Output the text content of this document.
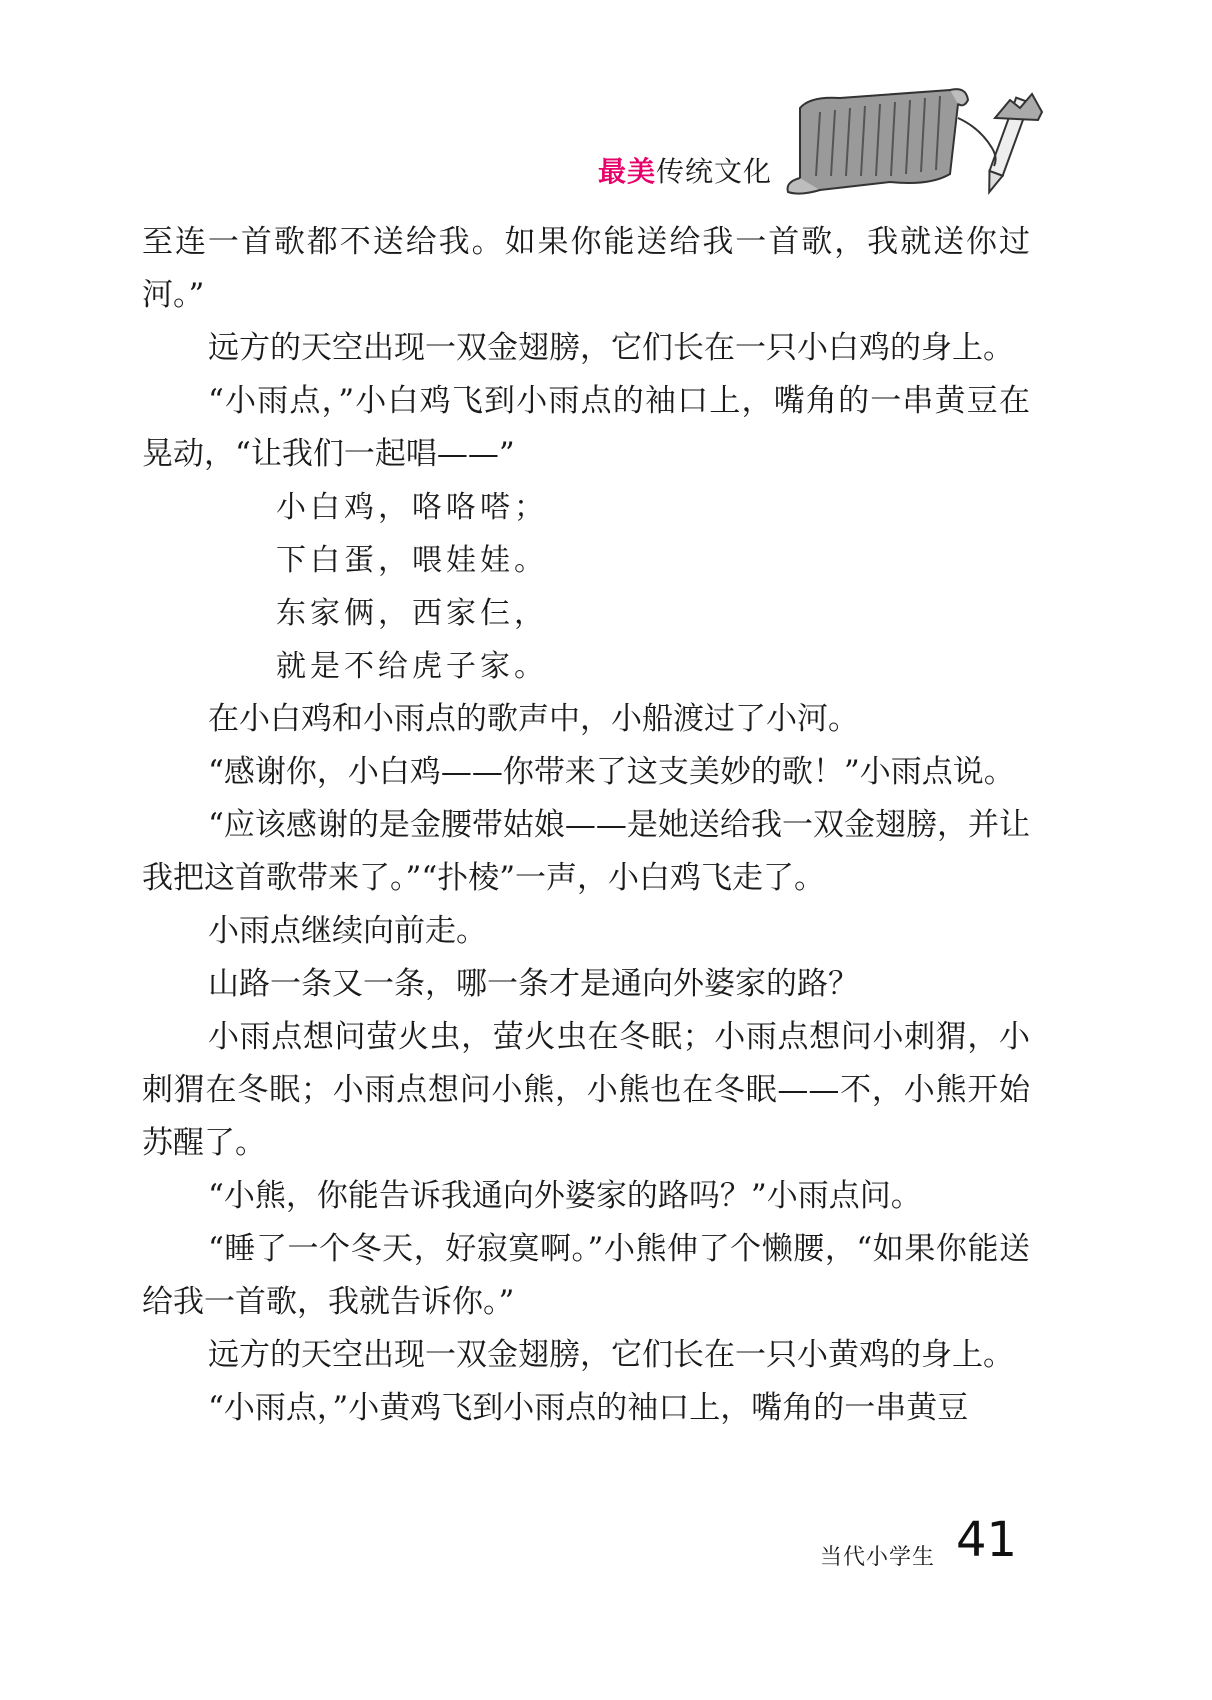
最美传统文化

至连一首歌都不送给我。如果你能送给我一首歌，我就送你过河。”

远方的天空出现一双金翅膀，它们长在一只小白鸡的身上。

“小雨点，”小白鸡飞到小雨点的袖口上，嘴角的一串黄豆在晃动，“让我们一起唱——”

小白鸡，咯咯嗒；

下白蛋，喂娃娃。

东家俩，西家仨，

就是不给虎子家。

在小白鸡和小雨点的歌声中，小船渡过了小河。

“感谢你，小白鸡——你带来了这支美妙的歌！”小雨点说。

“应该感谢的是金腰带姑娘——是她送给我一双金翅膀，并让我把这首歌带来了。”“扑棱”一声，小白鸡飞走了。

小雨点继续向前走。

山路一条又一条，哪一条才是通向外婆家的路？

小雨点想问萤火虫，萤火虫在冬眠；小雨点想问小刺猬，小刺猬在冬眠；小雨点想问小熊，小熊也在冬眠——不，小熊开始苏醒了。

“小熊，你能告诉我通向外婆家的路吗？”小雨点问。

“睡了一个冬天，好寂寞啊。”小熊伸了个懒腰，“如果你能送给我一首歌，我就告诉你。”

远方的天空出现一双金翅膀，它们长在一只小黄鸡的身上。

“小雨点，”小黄鸡飞到小雨点的袖口上，嘴角的一串黄豆

当代小学生 41
